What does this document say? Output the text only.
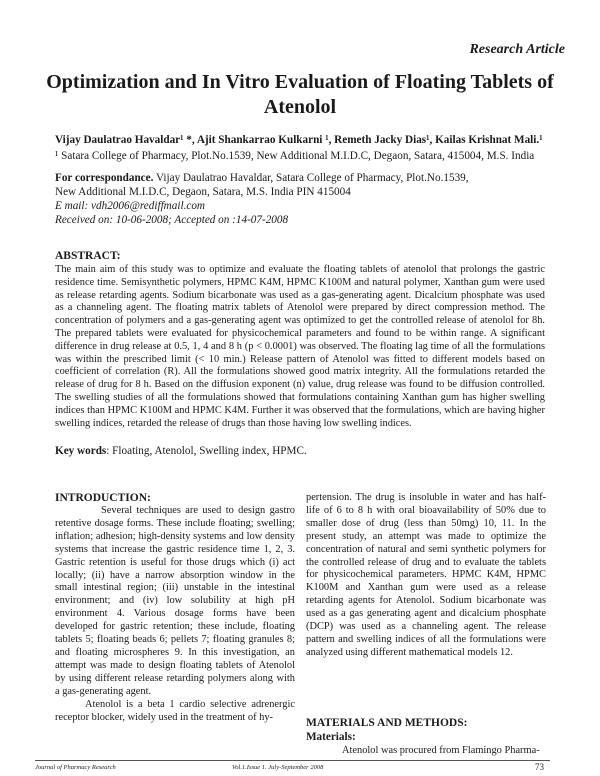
Research Article
Optimization and In Vitro Evaluation of Floating Tablets of Atenolol
Vijay Daulatrao Havaldar¹ *, Ajit Shankarrao Kulkarni ¹, Remeth Jacky Dias¹, Kailas Krishnat Mali.¹
¹ Satara College of Pharmacy, Plot.No.1539, New Additional M.I.D.C, Degaon, Satara, 415004, M.S. India
For correspondance. Vijay Daulatrao Havaldar, Satara College of Pharmacy, Plot.No.1539,
New Additional M.I.D.C, Degaon, Satara, M.S. India PIN 415004
E mail: vdh2006@rediffmail.com
Received on: 10-06-2008; Accepted on :14-07-2008
ABSTRACT:
The main aim of this study was to optimize and evaluate the floating tablets of atenolol that prolongs the gastric residence time. Semisynthetic polymers, HPMC K4M, HPMC K100M and natural polymer, Xanthan gum were used as release retarding agents. Sodium bicarbonate was used as a gas-generating agent. Dicalcium phosphate was used as a channeling agent. The floating matrix tablets of Atenolol were prepared by direct compression method. The concentration of polymers and a gas-generating agent was optimized to get the controlled release of atenolol for 8h. The prepared tablets were evaluated for physicochemical parameters and found to be within range. A significant difference in drug release at 0.5, 1, 4 and 8 h (p < 0.0001) was observed. The floating lag time of all the formulations was within the prescribed limit (< 10 min.) Release pattern of Atenolol was fitted to different models based on coefficient of correlation (R). All the formulations showed good matrix integrity. All the formulations retarded the release of drug for 8 h. Based on the diffusion exponent (n) value, drug release was found to be diffusion controlled. The swelling studies of all the formulations showed that formulations containing Xanthan gum has higher swelling indices than HPMC K100M and HPMC K4M. Further it was observed that the formulations, which are having higher swelling indices, retarded the release of drugs than those having low swelling indices.
Key words: Floating, Atenolol, Swelling index, HPMC.
INTRODUCTION:

Several techniques are used to design gastro retentive dosage forms. These include floating; swelling; inflation; adhesion; high-density systems and low density systems that increase the gastric residence time 1, 2, 3. Gastric retention is useful for those drugs which (i) act locally; (ii) have a narrow absorption window in the small intestinal region; (iii) unstable in the intestinal environment; and (iv) low solubility at high pH environment 4. Various dosage forms have been developed for gastric retention; these include, floating tablets 5; floating beads 6; pellets 7; floating granules 8; and floating microspheres 9. In this investigation, an attempt was made to design floating tablets of Atenolol by using different release retarding polymers along with a gas-generating agent.

Atenolol is a beta 1 cardio selective adrenergic receptor blocker, widely used in the treatment of hy-

pertension. The drug is insoluble in water and has half-life of 6 to 8 h with oral bioavailability of 50% due to smaller dose of drug (less than 50mg) 10, 11. In the present study, an attempt was made to optimize the concentration of natural and semi synthetic polymers for the controlled release of drug and to evaluate the tablets for physicochemical parameters. HPMC K4M, HPMC K100M and Xanthan gum were used as a release retarding agents for Atenolol. Sodium bicarbonate was used as a gas generating agent and dicalcium phosphate (DCP) was used as a channeling agent. The release pattern and swelling indices of all the formulations were analyzed using different mathematical models 12.

MATERIALS AND METHODS:
Materials:
Atenolol was procured from Flamingo Pharma-
Journal of Pharmacy Research	Vol.1.Issue 1. July-September 2008	73
